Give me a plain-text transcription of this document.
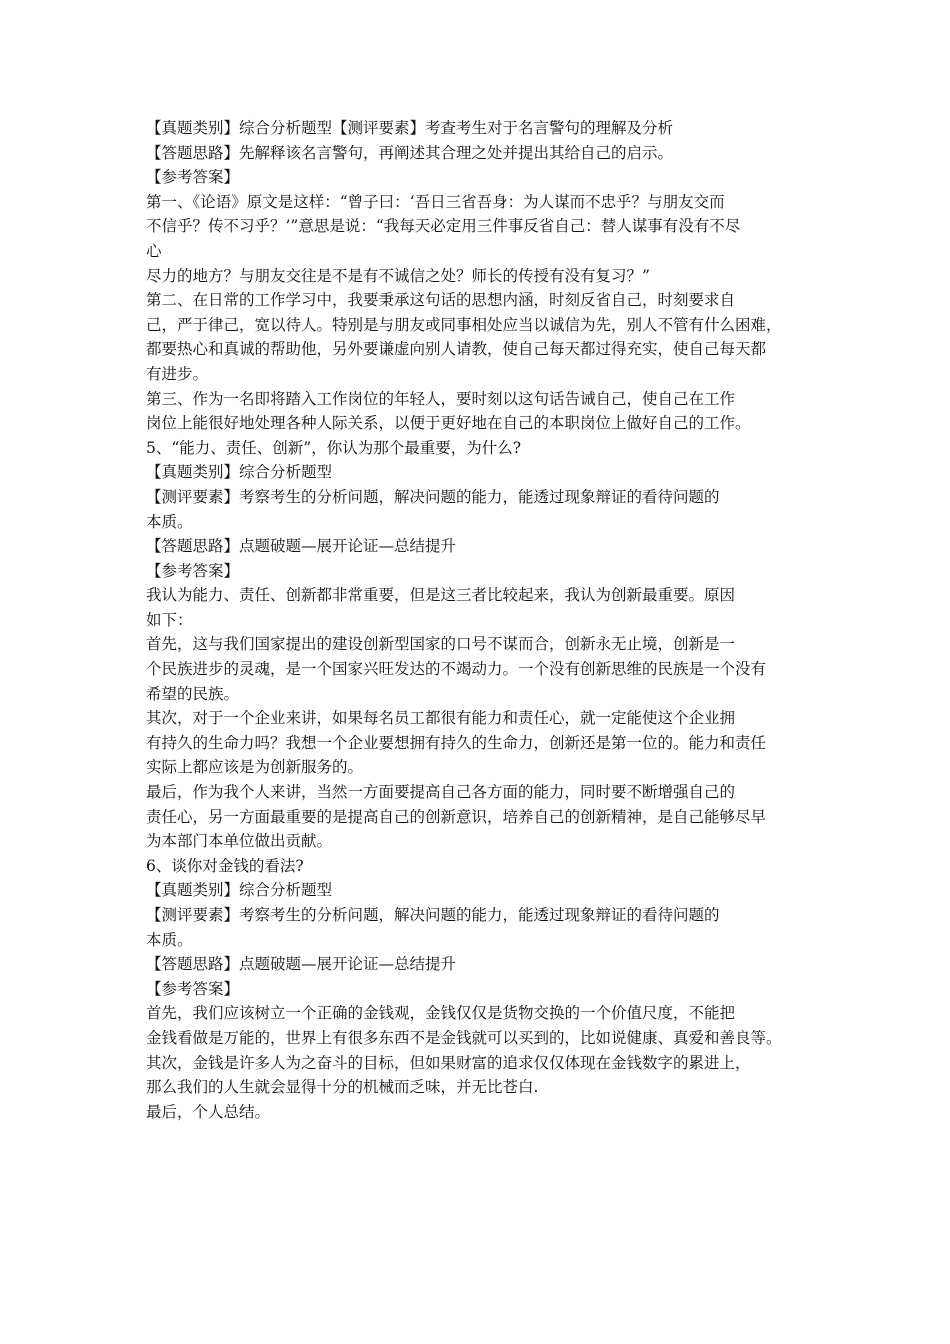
【真题类别】综合分析题型【测评要素】考查考生对于名言警句的理解及分析
【答题思路】先解释该名言警句，再阐述其合理之处并提出其给自己的启示。
【参考答案】
第一、《论语》原文是这样：“曾子曰：‘吾日三省吾身：为人谋而不忠乎？与朋友交而
不信乎？传不习乎？’”意思是说：“我每天必定用三件事反省自己：替人谋事有没有不尽
心
尽力的地方？与朋友交往是不是有不诚信之处？师长的传授有没有复习？”
第二、在日常的工作学习中，我要秉承这句话的思想内涵，时刻反省自己，时刻要求自
己，严于律己，宽以待人。特别是与朋友或同事相处应当以诚信为先，别人不管有什么困难，
都要热心和真诚的帮助他，另外要谦虚向别人请教，使自己每天都过得充实，使自己每天都
有进步。
第三、作为一名即将踏入工作岗位的年轻人，要时刻以这句话告诫自己，使自己在工作
岗位上能很好地处理各种人际关系，以便于更好地在自己的本职岗位上做好自己的工作。
5、“能力、责任、创新”，你认为那个最重要，为什么?
【真题类别】综合分析题型
【测评要素】考察考生的分析问题，解决问题的能力，能透过现象辩证的看待问题的
本质。
【答题思路】点题破题—展开论证—总结提升
【参考答案】
我认为能力、责任、创新都非常重要，但是这三者比较起来，我认为创新最重要。原因
如下：
首先，这与我们国家提出的建设创新型国家的口号不谋而合，创新永无止境，创新是一
个民族进步的灵魂，是一个国家兴旺发达的不竭动力。一个没有创新思维的民族是一个没有
希望的民族。
其次，对于一个企业来讲，如果每名员工都很有能力和责任心，就一定能使这个企业拥
有持久的生命力吗？我想一个企业要想拥有持久的生命力，创新还是第一位的。能力和责任
实际上都应该是为创新服务的。
最后，作为我个人来讲，当然一方面要提高自己各方面的能力，同时要不断增强自己的
责任心，另一方面最重要的是提高自己的创新意识，培养自己的创新精神，是自己能够尽早
为本部门本单位做出贡献。
6、谈你对金钱的看法?
【真题类别】综合分析题型
【测评要素】考察考生的分析问题，解决问题的能力，能透过现象辩证的看待问题的
本质。
【答题思路】点题破题—展开论证—总结提升
【参考答案】
首先，我们应该树立一个正确的金钱观，金钱仅仅是货物交换的一个价值尺度，不能把
金钱看做是万能的，世界上有很多东西不是金钱就可以买到的，比如说健康、真爱和善良等。
其次，金钱是许多人为之奋斗的目标，但如果财富的追求仅仅体现在金钱数字的累进上，
那么我们的人生就会显得十分的机械而乏味，并无比苍白.
最后，个人总结。
